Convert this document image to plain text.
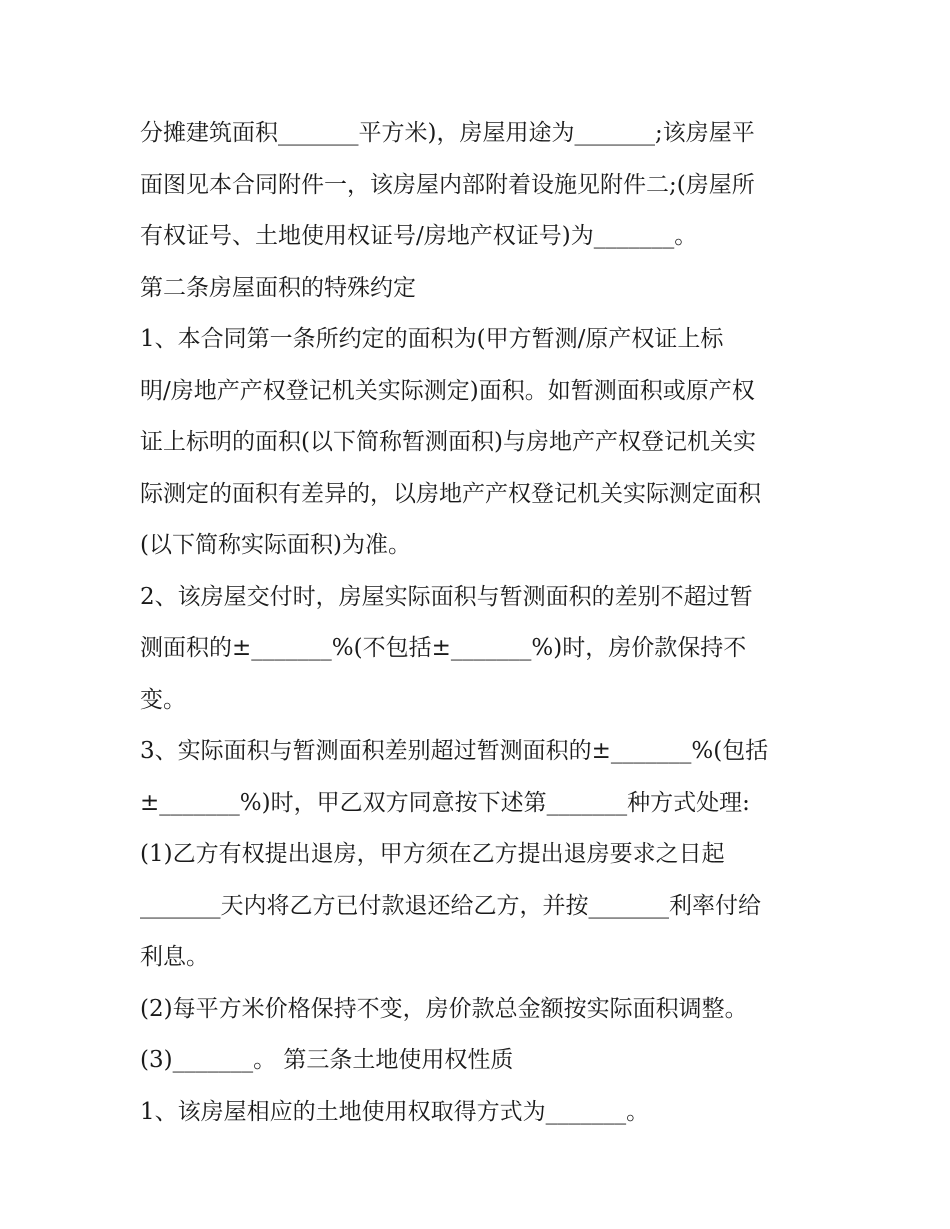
分摊建筑面积_______平方米)，房屋用途为_______;该房屋平
面图见本合同附件一，该房屋内部附着设施见附件二;(房屋所
有权证号、土地使用权证号/房地产权证号)为_______。
第二条房屋面积的特殊约定
1、本合同第一条所约定的面积为(甲方暂测/原产权证上标
明/房地产产权登记机关实际测定)面积。如暂测面积或原产权
证上标明的面积(以下简称暂测面积)与房地产产权登记机关实
际测定的面积有差异的，以房地产产权登记机关实际测定面积
(以下简称实际面积)为准。
2、该房屋交付时，房屋实际面积与暂测面积的差别不超过暂
测面积的±_______%(不包括±_______%)时，房价款保持不
变。
3、实际面积与暂测面积差别超过暂测面积的±_______%(包括
±_______%)时，甲乙双方同意按下述第_______种方式处理:
(1)乙方有权提出退房，甲方须在乙方提出退房要求之日起
_______天内将乙方已付款退还给乙方，并按_______利率付给
利息。
(2)每平方米价格保持不变，房价款总金额按实际面积调整。
(3)_______。 第三条土地使用权性质
1、该房屋相应的土地使用权取得方式为_______。
